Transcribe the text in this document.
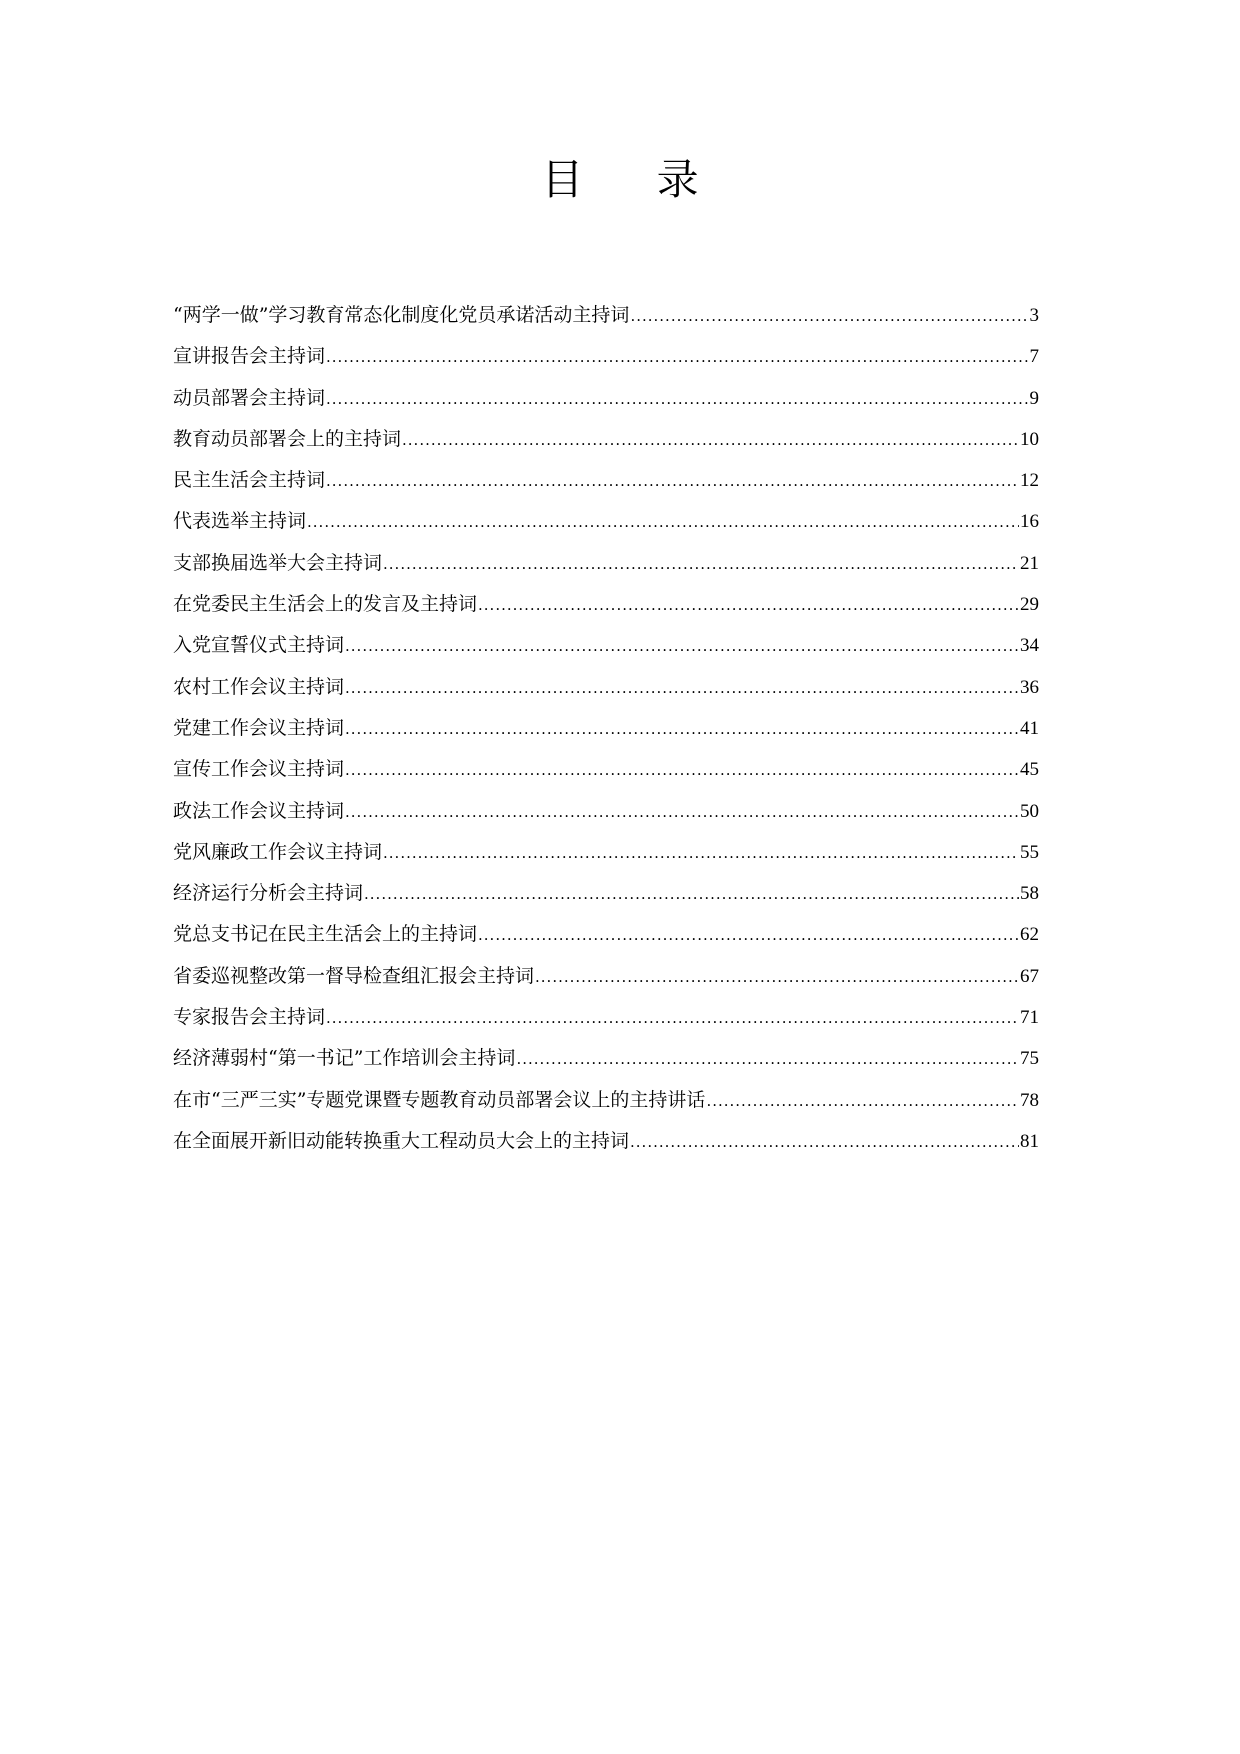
目 录
“两学一做”学习教育常态化制度化党员承诺活动主持词 .....	3
宣讲报告会主持词 .....	7
动员部署会主持词 .....	9
教育动员部署会上的主持词 .....	10
民主生活会主持词 .....	12
代表选举主持词 .....	16
支部换届选举大会主持词 .....	21
在党委民主生活会上的发言及主持词 .....	29
入党宣誓仪式主持词 .....	34
农村工作会议主持词 .....	36
党建工作会议主持词 .....	41
宣传工作会议主持词 .....	45
政法工作会议主持词 .....	50
党风廉政工作会议主持词 .....	55
经济运行分析会主持词 .....	58
党总支书记在民主生活会上的主持词 .....	62
省委巡视整改第一督导检查组汇报会主持词 .....	67
专家报告会主持词 .....	71
经济薄弱村“第一书记”工作培训会主持词 .....	75
在市“三严三实”专题党课暨专题教育动员部署会议上的主持讲话 .....	78
在全面展开新旧动能转换重大工程动员大会上的主持词 .....	81
